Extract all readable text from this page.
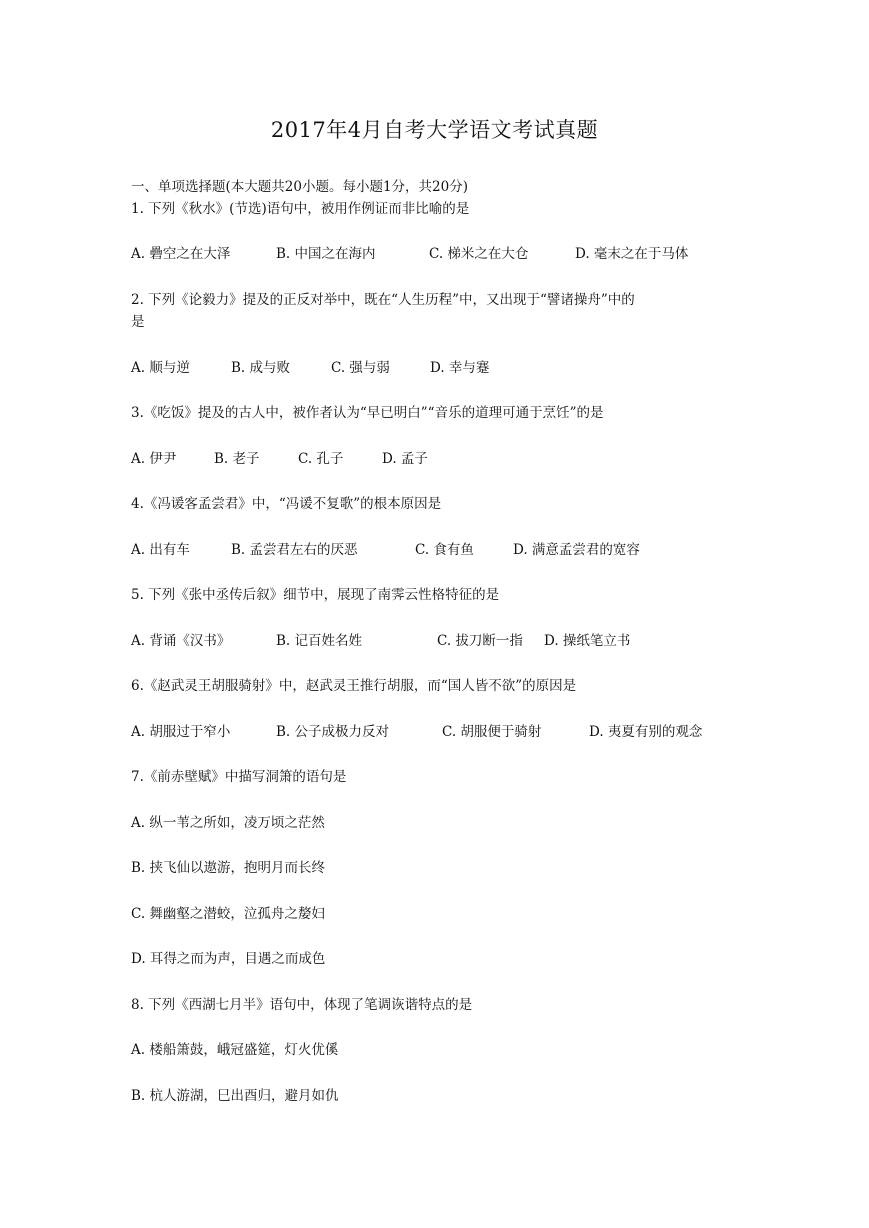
2017年4月自考大学语文考试真题
一、单项选择题(本大题共20小题。每小题1分，共20分)
1. 下列《秋水》(节选)语句中，被用作例证而非比喻的是
A. 礨空之在大泽	B. 中国之在海内	C. 梯米之在大仓	D. 毫末之在于马体
2. 下列《论毅力》提及的正反对举中，既在“人生历程”中，又出现于“譬诸操舟”中的
是
A. 顺与逆	B. 成与败	C. 强与弱	D. 幸与蹇
3.《吃饭》提及的古人中，被作者认为“早已明白”“音乐的道理可通于烹饪”的是
A. 伊尹	B. 老子	C. 孔子	D. 孟子
4.《冯谖客孟尝君》中，“冯谖不复歌”的根本原因是
A. 出有车	B. 孟尝君左右的厌恶	C. 食有鱼	D. 满意孟尝君的宽容
5. 下列《张中丞传后叙》细节中，展现了南霁云性格特征的是
A. 背诵《汉书》	B. 记百姓名姓	C. 拔刀断一指 D. 操纸笔立书
6.《赵武灵王胡服骑射》中，赵武灵王推行胡服，而“国人皆不欲”的原因是
A. 胡服过于窄小	B. 公子成极力反对	C. 胡服便于骑射	D. 夷夏有别的观念
7.《前赤壁赋》中描写洞箫的语句是
A. 纵一苇之所如，凌万顷之茫然
B. 挟飞仙以遨游，抱明月而长终
C. 舞幽壑之潜蛟，泣孤舟之嫠妇
D. 耳得之而为声，目遇之而成色
8. 下列《西湖七月半》语句中，体现了笔调诙谐特点的是
A. 楼船箫鼓，峨冠盛筵，灯火优傒
B. 杭人游湖，巳出酉归，避月如仇
